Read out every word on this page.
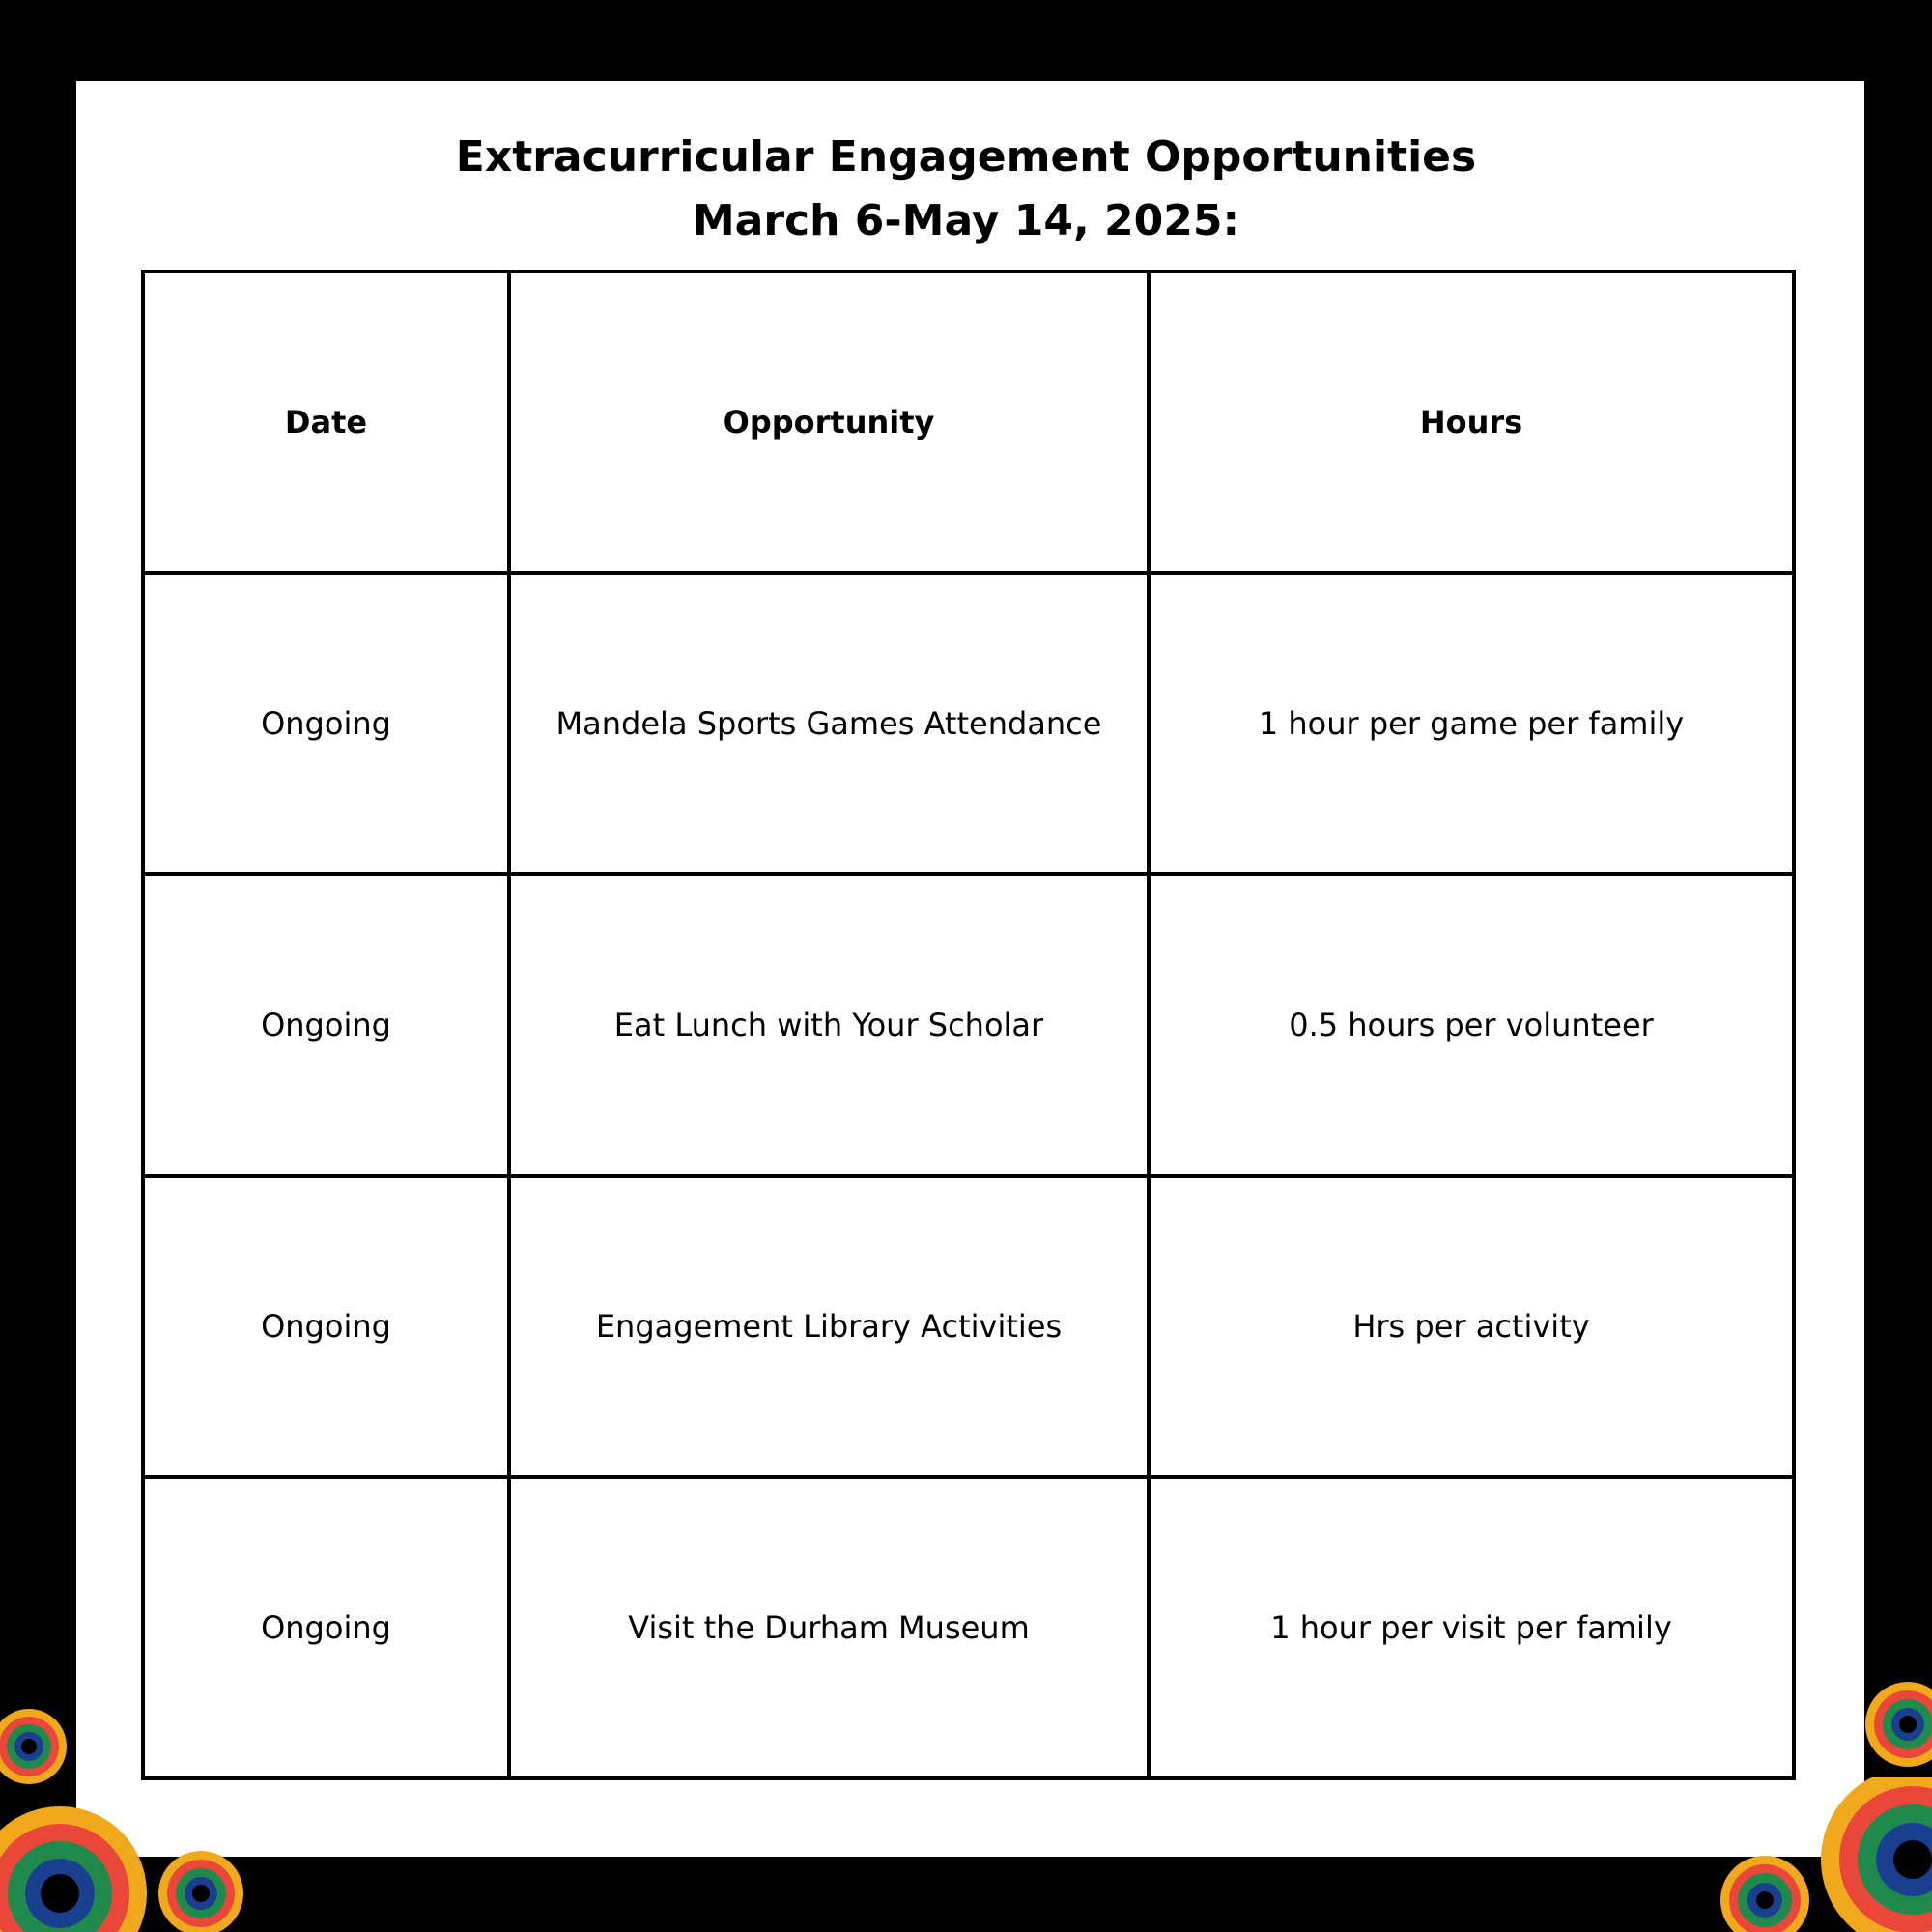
Extracurricular Engagement Opportunities
March 6-May 14, 2025:
Date	Opportunity	Hours
Ongoing	Mandela Sports Games Attendance	1 hour per game per family
Ongoing	Eat Lunch with Your Scholar	0.5 hours per volunteer
Ongoing	Engagement Library Activities	Hrs per activity
Ongoing	Visit the Durham Museum	1 hour per visit per family
